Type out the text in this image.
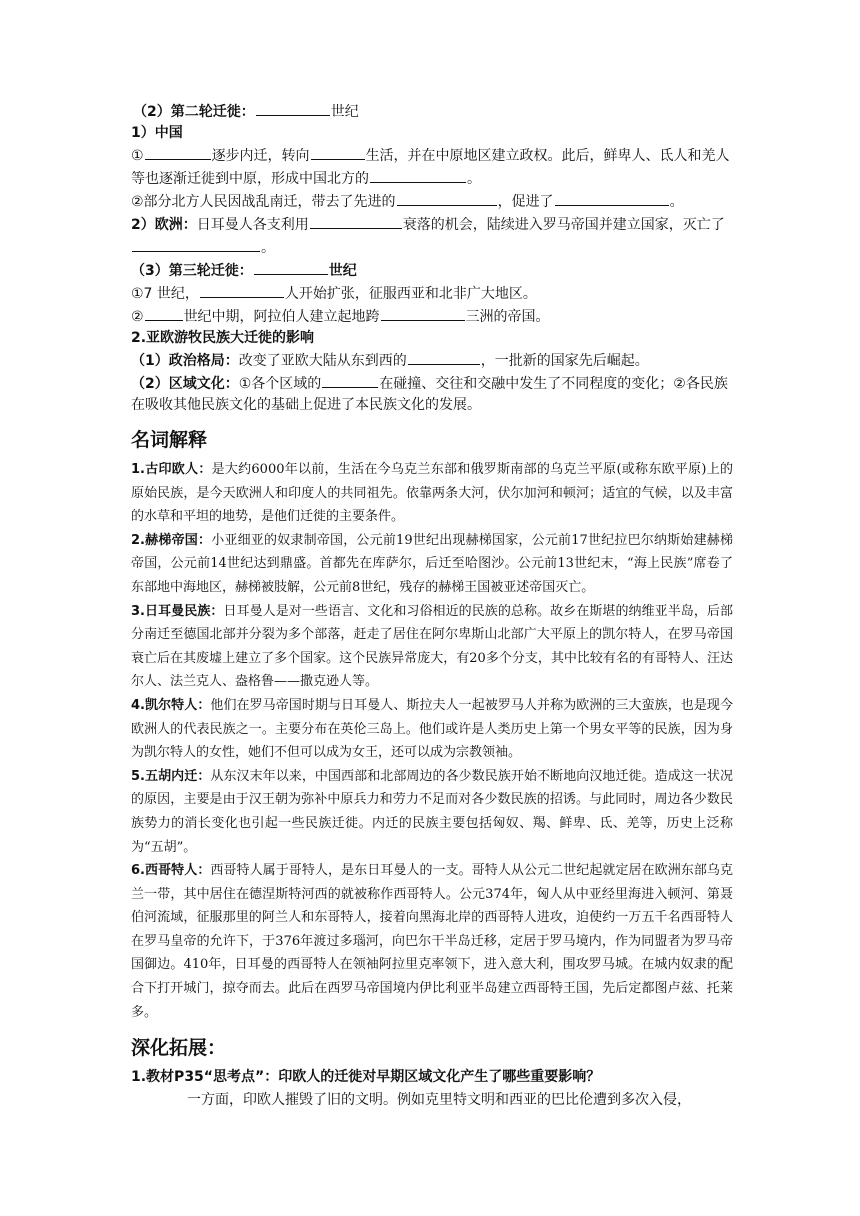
（2）第二轮迁徙：	世纪

1）中国

①	逐步内迁，转向	生活，并在中原地区建立政权。此后，鲜卑人、氐人和羌人等也逐渐迁徙到中原，形成中国北方的	。

②部分北方人民因战乱南迁，带去了先进的	，促进了	。

2）欧洲：日耳曼人各支利用	衰落的机会，陆续进入罗马帝国并建立国家，灭亡了。

（3）第三轮迁徙：	世纪

①7 世纪，	人开始扩张，征服西亚和北非广大地区。

②	世纪中期，阿拉伯人建立起地跨	三洲的帝国。

2.亚欧游牧民族大迁徙的影响

（1）政治格局：改变了亚欧大陆从东到西的	，一批新的国家先后崛起。

（2）区域文化：①各个区域的	在碰撞、交往和交融中发生了不同程度的变化；②各民族在吸收其他民族文化的基础上促进了本民族文化的发展。

名词解释

1.古印欧人：是大约6000年以前，生活在今乌克兰东部和俄罗斯南部的乌克兰平原(或称东欧平原)上的原始民族，是今天欧洲人和印度人的共同祖先。依靠两条大河，伏尔加河和顿河；适宜的气候，以及丰富的水草和平坦的地势，是他们迁徙的主要条件。

2.赫梯帝国：小亚细亚的奴隶制帝国，公元前19世纪出现赫梯国家，公元前17世纪拉巴尔纳斯始建赫梯帝国，公元前14世纪达到鼎盛。首都先在库萨尔，后迁至哈图沙。公元前13世纪末，“海上民族”席卷了东部地中海地区，赫梯被肢解，公元前8世纪，残存的赫梯王国被亚述帝国灭亡。

3.日耳曼民族：日耳曼人是对一些语言、文化和习俗相近的民族的总称。故乡在斯堪的纳维亚半岛，后部分南迁至德国北部并分裂为多个部落，赶走了居住在阿尔卑斯山北部广大平原上的凯尔特人，在罗马帝国衰亡后在其废墟上建立了多个国家。这个民族异常庞大，有20多个分支，其中比较有名的有哥特人、汪达尔人、法兰克人、盎格鲁——撒克逊人等。

4.凯尔特人：他们在罗马帝国时期与日耳曼人、斯拉夫人一起被罗马人并称为欧洲的三大蛮族，也是现今欧洲人的代表民族之一。主要分布在英伦三岛上。他们或许是人类历史上第一个男女平等的民族，因为身为凯尔特人的女性，她们不但可以成为女王，还可以成为宗教领袖。

5.五胡内迁：从东汉末年以来，中国西部和北部周边的各少数民族开始不断地向汉地迁徙。造成这一状况的原因，主要是由于汉王朝为弥补中原兵力和劳力不足而对各少数民族的招诱。与此同时，周边各少数民族势力的消长变化也引起一些民族迁徙。内迁的民族主要包括匈奴、羯、鲜卑、氐、羌等，历史上泛称为“五胡”。

6.西哥特人：西哥特人属于哥特人，是东日耳曼人的一支。哥特人从公元二世纪起就定居在欧洲东部乌克兰一带，其中居住在德涅斯特河西的就被称作西哥特人。公元374年，匈人从中亚经里海进入顿河、第聂伯河流域，征服那里的阿兰人和东哥特人，接着向黑海北岸的西哥特人进攻，迫使约一万五千名西哥特人在罗马皇帝的允许下，于376年渡过多瑙河，向巴尔干半岛迁移，定居于罗马境内，作为同盟者为罗马帝国御边。410年，日耳曼的西哥特人在领袖阿拉里克率领下，进入意大利，围攻罗马城。在城内奴隶的配合下打开城门，掠夺而去。此后在西罗马帝国境内伊比利亚半岛建立西哥特王国，先后定都图卢兹、托莱多。

深化拓展：

1.教材P35“思考点”：印欧人的迁徙对早期区域文化产生了哪些重要影响？

一方面，印欧人摧毁了旧的文明。例如克里特文明和西亚的巴比伦遭到多次入侵，
